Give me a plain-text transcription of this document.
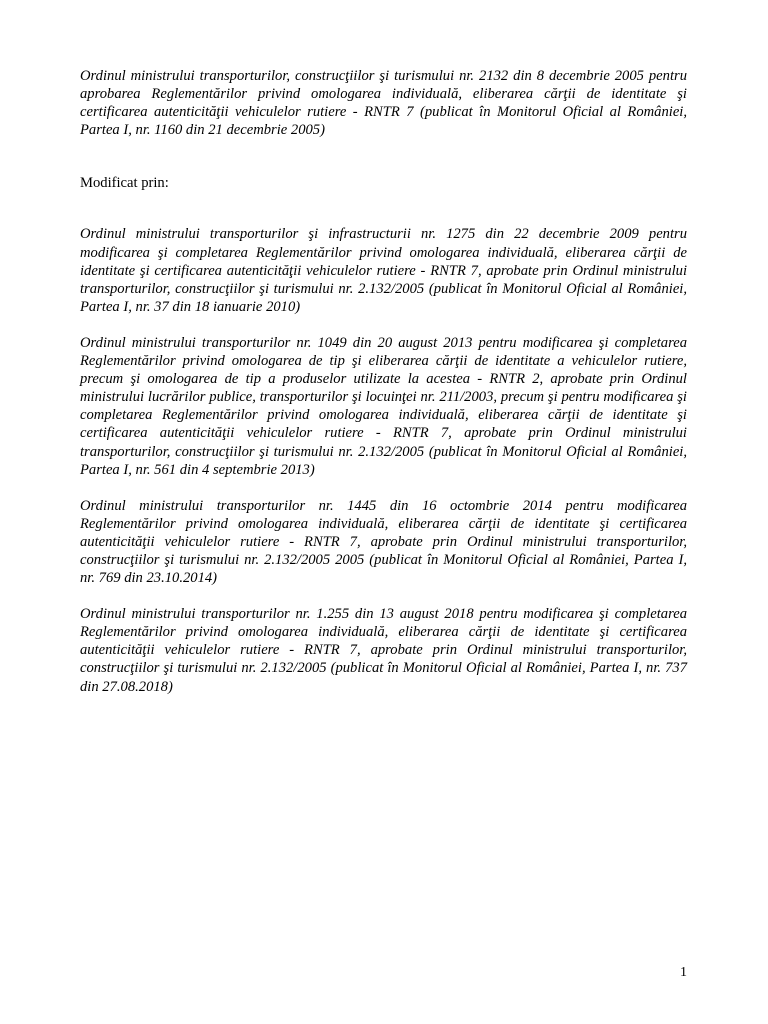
Ordinul ministrului transporturilor, construcţiilor şi turismului nr. 2132 din 8 decembrie 2005 pentru aprobarea Reglementărilor privind omologarea individuală, eliberarea cărţii de identitate şi certificarea autenticităţii vehiculelor rutiere - RNTR 7 (publicat în Monitorul Oficial al României, Partea I, nr. 1160 din 21 decembrie 2005)

Modificat prin:

Ordinul ministrului transporturilor şi infrastructurii nr. 1275 din 22 decembrie 2009 pentru modificarea şi completarea Reglementărilor privind omologarea individuală, eliberarea cărţii de identitate şi certificarea autenticităţii vehiculelor rutiere - RNTR 7, aprobate prin Ordinul ministrului transporturilor, construcţiilor şi turismului nr. 2.132/2005 (publicat în Monitorul Oficial al României, Partea I, nr. 37 din 18 ianuarie 2010)

Ordinul ministrului transporturilor nr. 1049 din 20 august 2013 pentru modificarea şi completarea Reglementărilor privind omologarea de tip şi eliberarea cărţii de identitate a vehiculelor rutiere, precum şi omologarea de tip a produselor utilizate la acestea - RNTR 2, aprobate prin Ordinul ministrului lucrărilor publice, transporturilor şi locuinţei nr. 211/2003, precum şi pentru modificarea şi completarea Reglementărilor privind omologarea individuală, eliberarea cărţii de identitate şi certificarea autenticităţii vehiculelor rutiere - RNTR 7, aprobate prin Ordinul ministrului transporturilor, construcţiilor şi turismului nr. 2.132/2005 (publicat în Monitorul Oficial al României, Partea I, nr. 561 din 4 septembrie 2013)

Ordinul ministrului transporturilor nr. 1445 din 16 octombrie 2014 pentru modificarea Reglementărilor privind omologarea individuală, eliberarea cărţii de identitate şi certificarea autenticităţii vehiculelor rutiere - RNTR 7, aprobate prin Ordinul ministrului transporturilor, construcţiilor şi turismului nr. 2.132/2005 2005 (publicat în Monitorul Oficial al României, Partea I, nr. 769 din 23.10.2014)

Ordinul ministrului transporturilor nr. 1.255 din 13 august 2018 pentru modificarea şi completarea Reglementărilor privind omologarea individuală, eliberarea cărţii de identitate şi certificarea autenticităţii vehiculelor rutiere - RNTR 7, aprobate prin Ordinul ministrului transporturilor, construcţiilor şi turismului nr. 2.132/2005 (publicat în Monitorul Oficial al României, Partea I, nr. 737 din 27.08.2018)

1
